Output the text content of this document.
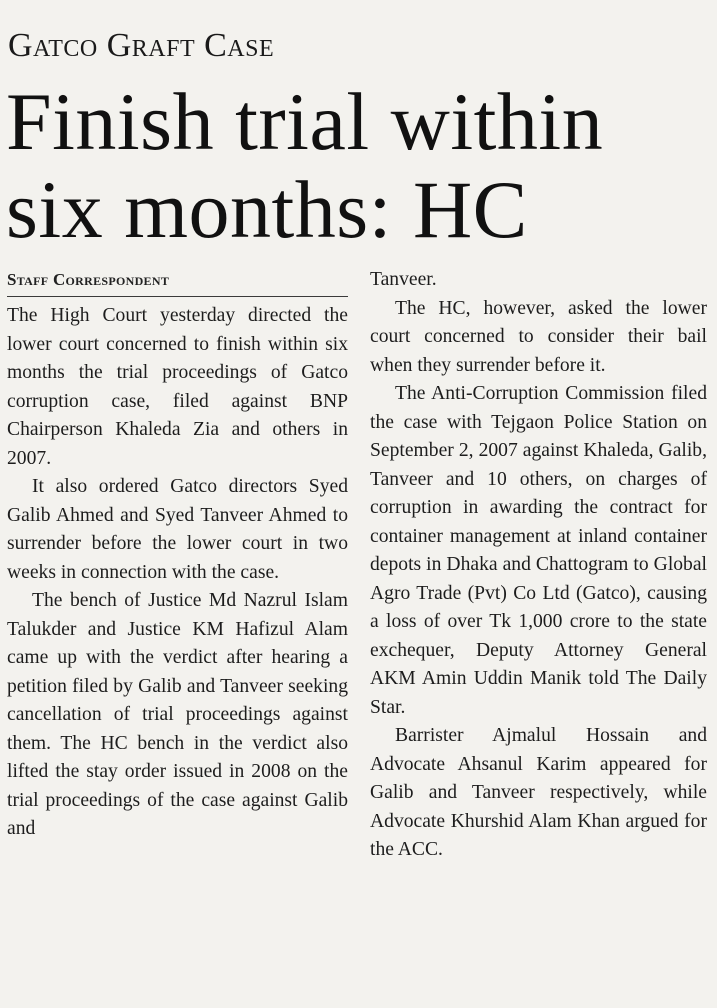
Gatco Graft Case
Finish trial within
six months: HC
Staff Correspondent

The High Court yesterday directed the lower court concerned to finish within six months the trial proceedings of Gatco corruption case, filed against BNP Chairperson Khaleda Zia and others in 2007.

It also ordered Gatco directors Syed Galib Ahmed and Syed Tanveer Ahmed to surrender before the lower court in two weeks in connection with the case.

The bench of Justice Md Nazrul Islam Talukder and Justice KM Hafizul Alam came up with the verdict after hearing a petition filed by Galib and Tanveer seeking cancellation of trial proceedings against them. The HC bench in the verdict also lifted the stay order issued in 2008 on the trial proceedings of the case against Galib and

Tanveer.

The HC, however, asked the lower court concerned to consider their bail when they surrender before it.

The Anti-Corruption Commission filed the case with Tejgaon Police Station on September 2, 2007 against Khaleda, Galib, Tanveer and 10 others, on charges of corruption in awarding the contract for container management at inland container depots in Dhaka and Chattogram to Global Agro Trade (Pvt) Co Ltd (Gatco), causing a loss of over Tk 1,000 crore to the state exchequer, Deputy Attorney General AKM Amin Uddin Manik told The Daily Star.

Barrister Ajmalul Hossain and Advocate Ahsanul Karim appeared for Galib and Tanveer respectively, while Advocate Khurshid Alam Khan argued for the ACC.
